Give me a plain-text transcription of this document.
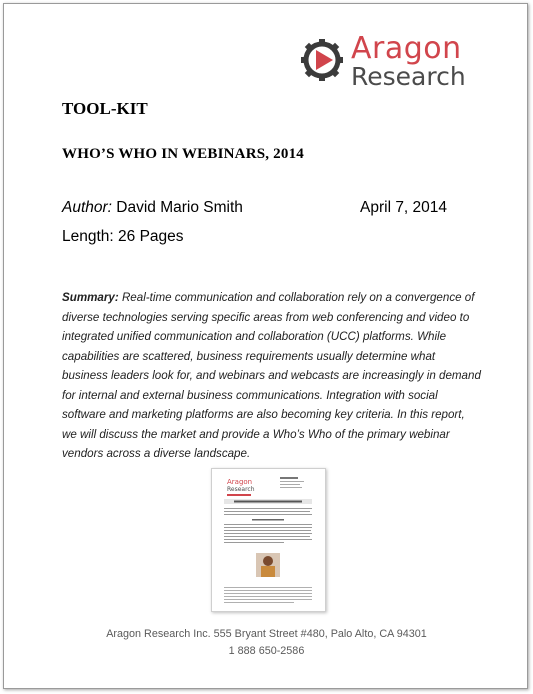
Aragon
Research
TOOL-KIT
WHO’S WHO IN WEBINARS, 2014
Author: David Mario Smith	April 7, 2014
Length: 26 Pages
Summary: Real-time communication and collaboration rely on a convergence of diverse technologies serving specific areas from web conferencing and video to integrated unified communication and collaboration (UCC) platforms. While capabilities are scattered, business requirements usually determine what business leaders look for, and webinars and webcasts are increasingly in demand for internal and external business communications. Integration with social software and marketing platforms are also becoming key criteria. In this report, we will discuss the market and provide a Who’s Who of the primary webinar vendors across a diverse landscape.
Aragon
Research
Aragon Research Inc. 555 Bryant Street #480, Palo Alto, CA 94301
1 888 650-2586
